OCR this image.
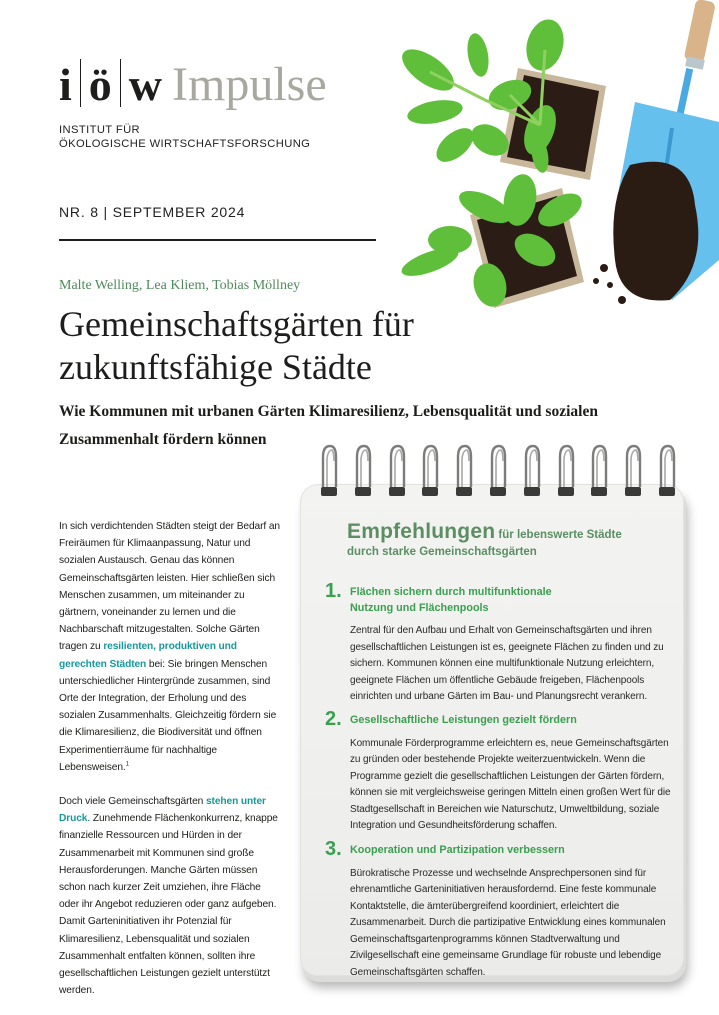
i ö w Impulse
INSTITUT FÜR
ÖKOLOGISCHE WIRTSCHAFTSFORSCHUNG
NR. 8 | SEPTEMBER 2024
Malte Welling, Lea Kliem, Tobias Möllney
Gemeinschaftsgärten für
zukunftsfähige Städte
Wie Kommunen mit urbanen Gärten Klimaresilienz, Lebensqualität und sozialen Zusammenhalt fördern können

In sich verdichtenden Städten steigt der Bedarf an Freiräumen für Klimaanpassung, Natur und sozialen Austausch. Genau das können Gemeinschaftsgärten leisten. Hier schließen sich Menschen zusammen, um miteinander zu gärtnern, voneinander zu lernen und die Nachbarschaft mitzugestalten. Solche Gärten tragen zu resilienten, produktiven und gerechten Städten bei: Sie bringen Menschen unterschiedlicher Hintergründe zusammen, sind Orte der Integration, der Erholung und des sozialen Zusammenhalts. Gleichzeitig fördern sie die Klimaresilienz, die Biodiversität und öffnen Experimentierräume für nachhaltige Lebensweisen.$^1$

Doch viele Gemeinschaftsgärten stehen unter Druck. Zunehmende Flächenkonkurrenz, knappe finanzielle Ressourcen und Hürden in der Zusammenarbeit mit Kommunen sind große Herausforderungen. Manche Gärten müssen schon nach kurzer Zeit umziehen, ihre Fläche oder ihr Angebot reduzieren oder ganz aufgeben. Damit Garteninitiativen ihr Potenzial für Klimaresilienz, Lebensqualität und sozialen Zusammenhalt entfalten können, sollten ihre gesellschaftlichen Leistungen gezielt unterstützt werden.

Empfehlungen für lebenswerte Städte
durch starke Gemeinschaftsgärten
1. Flächen sichern durch multifunktionale Nutzung und Flächenpools
Zentral für den Aufbau und Erhalt von Gemeinschaftsgärten und ihren gesellschaftlichen Leistungen ist es, geeignete Flächen zu finden und zu sichern. Kommunen können eine multifunktionale Nutzung erleichtern, geeignete Flächen um öffentliche Gebäude freigeben, Flächenpools einrichten und urbane Gärten im Bau- und Planungsrecht verankern.
2. Gesellschaftliche Leistungen gezielt fördern
Kommunale Förderprogramme erleichtern es, neue Gemeinschaftsgärten zu gründen oder bestehende Projekte weiterzuentwickeln. Wenn die Programme gezielt die gesellschaftlichen Leistungen der Gärten fördern, können sie mit vergleichsweise geringen Mitteln einen großen Wert für die Stadtgesellschaft in Bereichen wie Naturschutz, Umweltbildung, soziale Integration und Gesundheitsförderung schaffen.
3. Kooperation und Partizipation verbessern
Bürokratische Prozesse und wechselnde Ansprechpersonen sind für ehrenamtliche Garteninitiativen herausfordernd. Eine feste kommunale Kontaktstelle, die ämterübergreifend koordiniert, erleichtert die Zusammenarbeit. Durch die partizipative Entwicklung eines kommunalen Gemeinschaftsgartenprogramms können Stadtverwaltung und Zivilgesellschaft eine gemeinsame Grundlage für robuste und lebendige Gemeinschaftsgärten schaffen.
